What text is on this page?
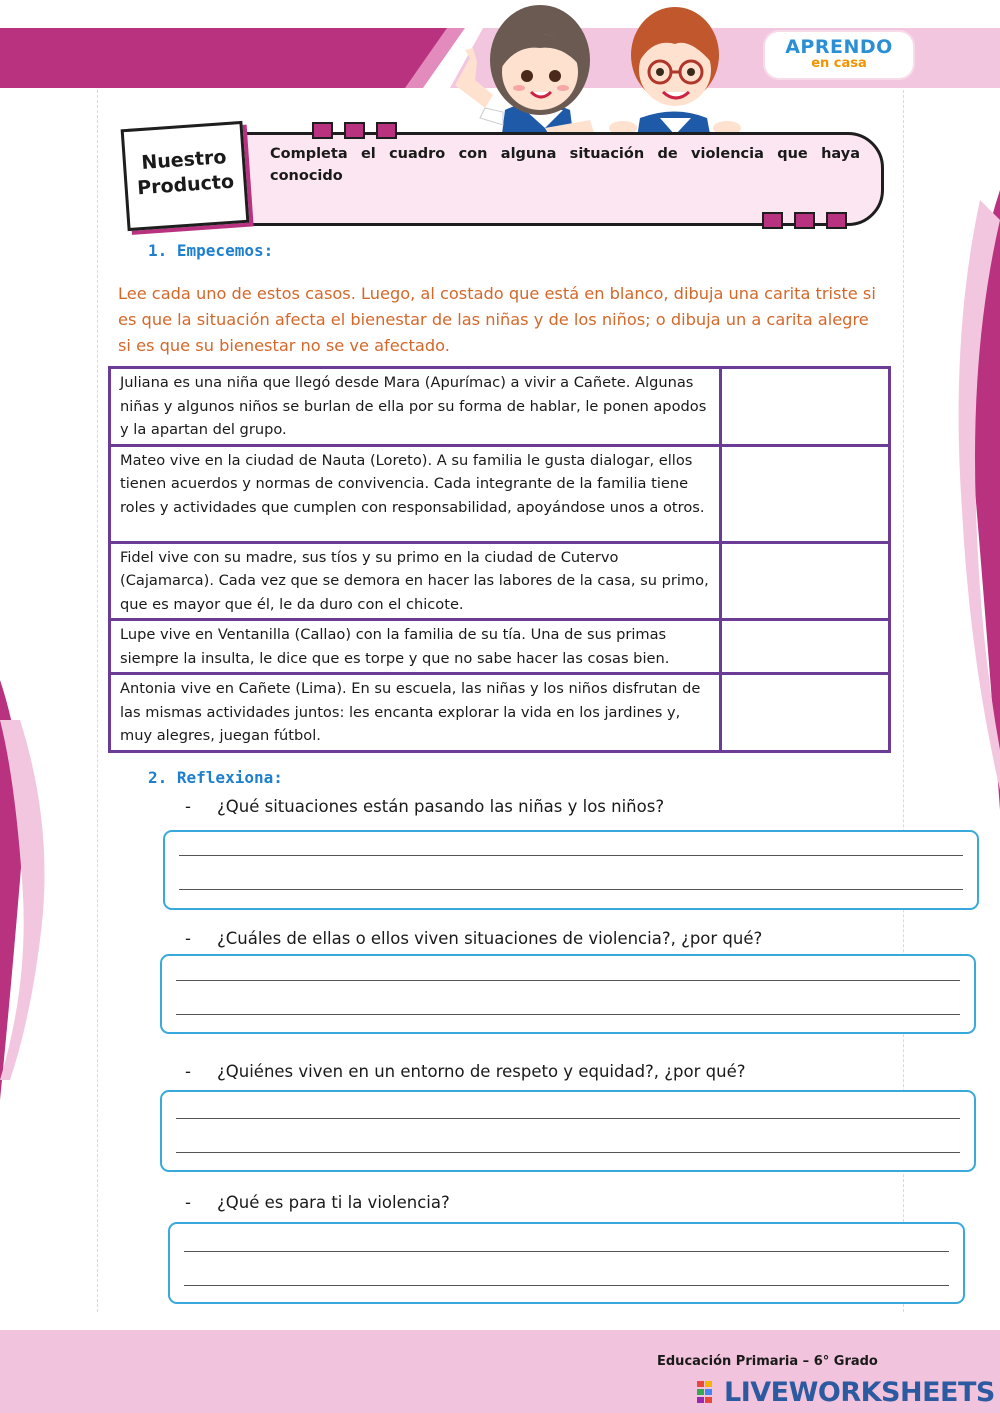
APRENDO
en casa
Nuestro Producto
Completa el cuadro con alguna situación de violencia que haya conocido
1. Empecemos:
Lee cada uno de estos casos. Luego, al costado que está en blanco, dibuja una carita triste si es que la situación afecta el bienestar de las niñas y de los niños; o dibuja un a carita alegre si es que su bienestar no se ve afectado.
Juliana es una niña que llegó desde Mara (Apurímac) a vivir a Cañete. Algunas niñas y algunos niños se burlan de ella por su forma de hablar, le ponen apodos y la apartan del grupo.	
Mateo vive en la ciudad de Nauta (Loreto). A su familia le gusta dialogar, ellos tienen acuerdos y normas de convivencia. Cada integrante de la familia tiene roles y actividades que cumplen con responsabilidad, apoyándose unos a otros.	
Fidel vive con su madre, sus tíos y su primo en la ciudad de Cutervo (Cajamarca). Cada vez que se demora en hacer las labores de la casa, su primo, que es mayor que él, le da duro con el chicote.	
Lupe vive en Ventanilla (Callao) con la familia de su tía. Una de sus primas siempre la insulta, le dice que es torpe y que no sabe hacer las cosas bien.	
Antonia vive en Cañete (Lima). En su escuela, las niñas y los niños disfrutan de las mismas actividades juntos: les encanta explorar la vida en los jardines y, muy alegres, juegan fútbol.	
2. Reflexiona:
- ¿Qué situaciones están pasando las niñas y los niños?
- ¿Cuáles de ellas o ellos viven situaciones de violencia?, ¿por qué?
- ¿Quiénes viven en un entorno de respeto y equidad?, ¿por qué?
- ¿Qué es para ti la violencia?
Educación Primaria – 6° Grado
LIVEWORKSHEETS
